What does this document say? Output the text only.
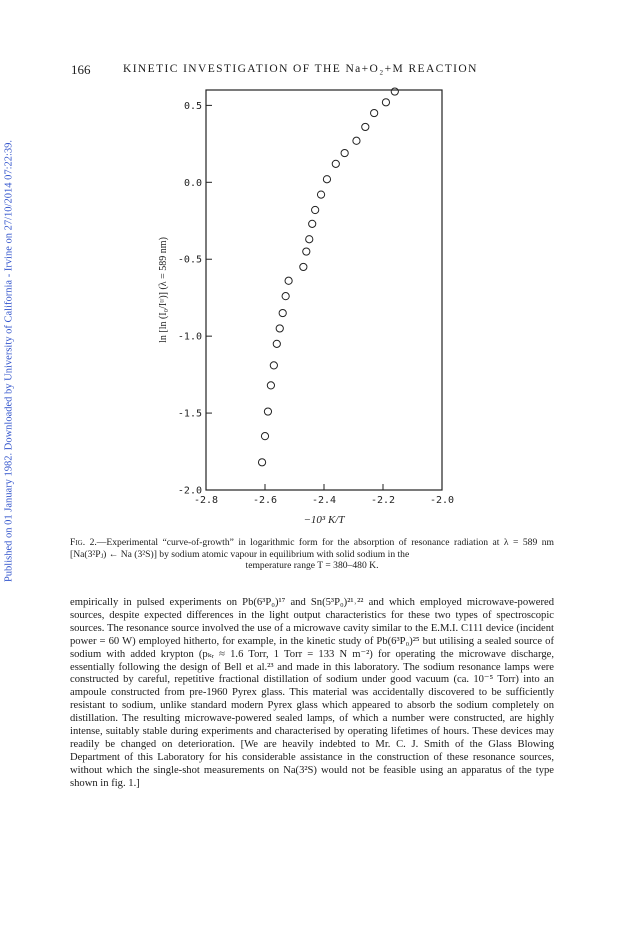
Published on 01 January 1982. Downloaded by University of California - Irvine on 27/10/2014 07:22:39.
166	KINETIC INVESTIGATION OF THE Na+O₂+M REACTION
0.5
0.0
-0.5
-1.0
-1.5
-2.0
-2.8	-2.6	-2.4	-2.2	-2.0
−10³ K/T
ln [ln (I₀/Iᵗʳ)] (λ = 589 nm)
Fig. 2.—Experimental “curve-of-growth” in logarithmic form for the absorption of resonance radiation at λ = 589 nm [Na(3²Pⱼ) ← Na (3²S)] by sodium atomic vapour in equilibrium with solid sodium in the
temperature range T = 380–480 K.

empirically in pulsed experiments on Pb(6³P₀)¹⁷ and Sn(5³P₀)²¹˒²² and which employed microwave-powered sources, despite expected differences in the light output characteristics for these two types of spectroscopic sources. The resonance source involved the use of a microwave cavity similar to the E.M.I. C111 device (incident power = 60 W) employed hitherto, for example, in the kinetic study of Pb(6³P₀)²⁵ but utilising a sealed source of sodium with added krypton (pₖᵣ ≈ 1.6 Torr, 1 Torr = 133 N m⁻²) for operating the microwave discharge, essentially following the design of Bell et al.²³ and made in this laboratory. The sodium resonance lamps were constructed by careful, repetitive fractional distillation of sodium under good vacuum (ca. 10⁻⁵ Torr) into an ampoule constructed from pre-1960 Pyrex glass. This material was accidentally discovered to be sufficiently resistant to sodium, unlike standard modern Pyrex glass which appeared to absorb the sodium completely on distillation. The resulting microwave-powered sealed lamps, of which a number were constructed, are highly intense, suitably stable during experiments and characterised by operating lifetimes of hours. These devices may readily be changed on deterioration. [We are heavily indebted to Mr. C. J. Smith of the Glass Blowing Department of this Laboratory for his considerable assistance in the construction of these resonance sources, without which the single-shot measurements on Na(3²S) would not be feasible using an apparatus of the type shown in fig. 1.]
